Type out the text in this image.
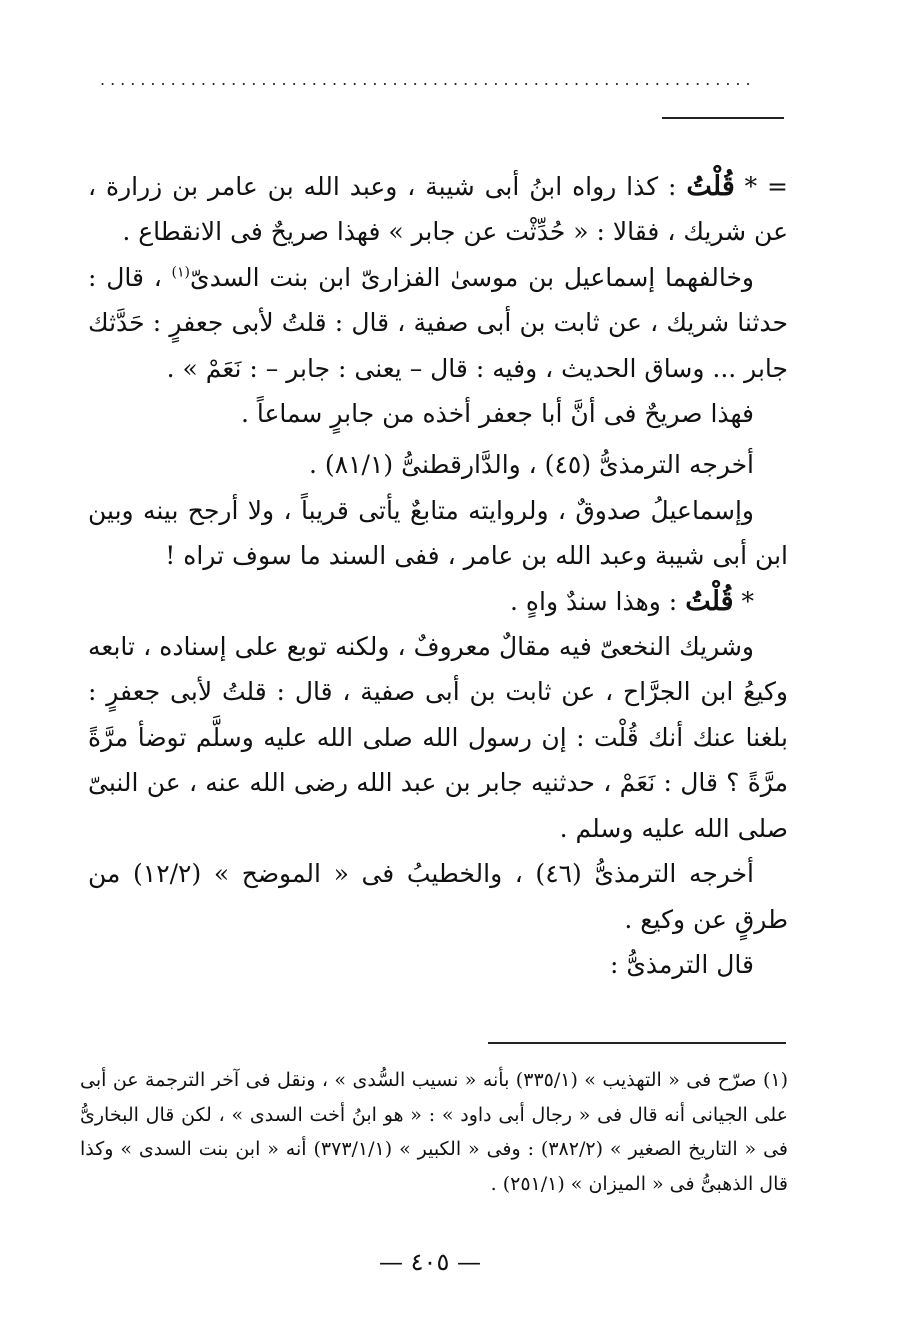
.................................................................

= * قُلْتُ : كذا رواه ابنُ أبى شيبة ، وعبد الله بن عامر بن زرارة ، عن شريك ، فقالا : « حُدِّثْت عن جابر » فهذا صريحٌ فى الانقطاع .

وخالفهما إسماعيل بن موسىٰ الفزارىّ ابن بنت السدىّ$^{(١)}$ ، قال : حدثنا شريك ، عن ثابت بن أبى صفية ، قال : قلتُ لأبى جعفرٍ : حَدَّثك جابر ... وساق الحديث ، وفيه : قال – يعنى : جابر – : نَعَمْ » .

فهذا صريحٌ فى أنَّ أبا جعفر أخذه من جابرٍ سماعاً .

أخرجه الترمذىُّ (٤٥) ، والدَّارقطنىُّ (٨١/١) .

وإسماعيلُ صدوقٌ ، ولروايته متابعٌ يأتى قريباً ، ولا أرجح بينه وبين ابن أبى شيبة وعبد الله بن عامر ، ففى السند ما سوف تراه !

* قُلْتُ : وهذا سندٌ واهٍ .

وشريك النخعىّ فيه مقالٌ معروفٌ ، ولكنه توبع على إسناده ، تابعه وكيعُ ابن الجرَّاح ، عن ثابت بن أبى صفية ، قال : قلتُ لأبى جعفرٍ : بلغنا عنك أنك قُلْت : إن رسول الله صلى الله عليه وسلَّم توضأ مرَّةً مرَّةً ؟ قال : نَعَمْ ، حدثنيه جابر بن عبد الله رضى الله عنه ، عن النبىّ صلى الله عليه وسلم .

أخرجه الترمذىُّ (٤٦) ، والخطيبُ فى « الموضح » (١٢/٢) من طرقٍ عن وكيع .

قال الترمذىُّ :

(١) صرّح فى « التهذيب » (٣٣٥/١) بأنه « نسيب السُّدى » ، ونقل فى آخر الترجمة عن أبى على الجيانى أنه قال فى « رجال أبى داود » : « هو ابنُ أخت السدى » ، لكن قال البخارىُّ فى « التاريخ الصغير » (٣٨٢/٢) : وفى « الكبير » (٣٧٣/١/١) أنه « ابن بنت السدى » وكذا قال الذهبىُّ فى « الميزان » (٢٥١/١) .

— ٤٠٥ —
